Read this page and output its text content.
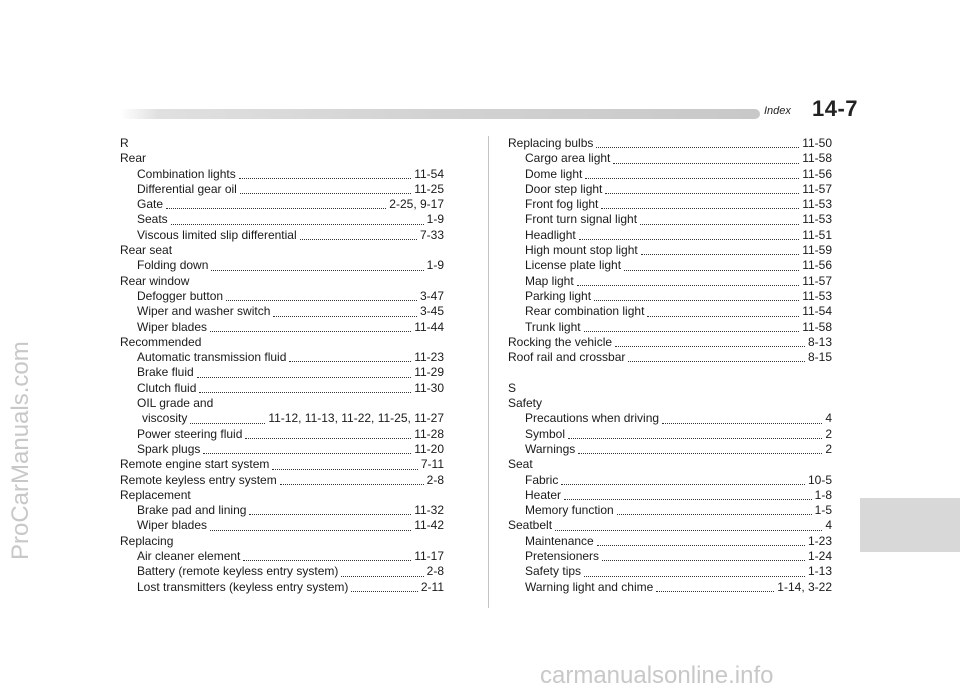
ProCarManuals.com
carmanualsonline.info
Index 14-7
R
Rear
Combination lights	11-54
Differential gear oil	11-25
Gate	2-25, 9-17
Seats	1-9
Viscous limited slip differential	7-33
Rear seat
Folding down	1-9
Rear window
Defogger button	3-47
Wiper and washer switch	3-45
Wiper blades	11-44
Recommended
Automatic transmission fluid	11-23
Brake fluid	11-29
Clutch fluid	11-30
OIL grade and
viscosity	11-12, 11-13, 11-22, 11-25, 11-27
Power steering fluid	11-28
Spark plugs	11-20
Remote engine start system	7-11
Remote keyless entry system	2-8
Replacement
Brake pad and lining	11-32
Wiper blades	11-42
Replacing
Air cleaner element	11-17
Battery (remote keyless entry system)	2-8
Lost transmitters (keyless entry system)	2-11
Replacing bulbs	11-50
Cargo area light	11-58
Dome light	11-56
Door step light	11-57
Front fog light	11-53
Front turn signal light	11-53
Headlight	11-51
High mount stop light	11-59
License plate light	11-56
Map light	11-57
Parking light	11-53
Rear combination light	11-54
Trunk light	11-58
Rocking the vehicle	8-13
Roof rail and crossbar	8-15
S
Safety
Precautions when driving	4
Symbol	2
Warnings	2
Seat
Fabric	10-5
Heater	1-8
Memory function	1-5
Seatbelt	4
Maintenance	1-23
Pretensioners	1-24
Safety tips	1-13
Warning light and chime	1-14, 3-22
